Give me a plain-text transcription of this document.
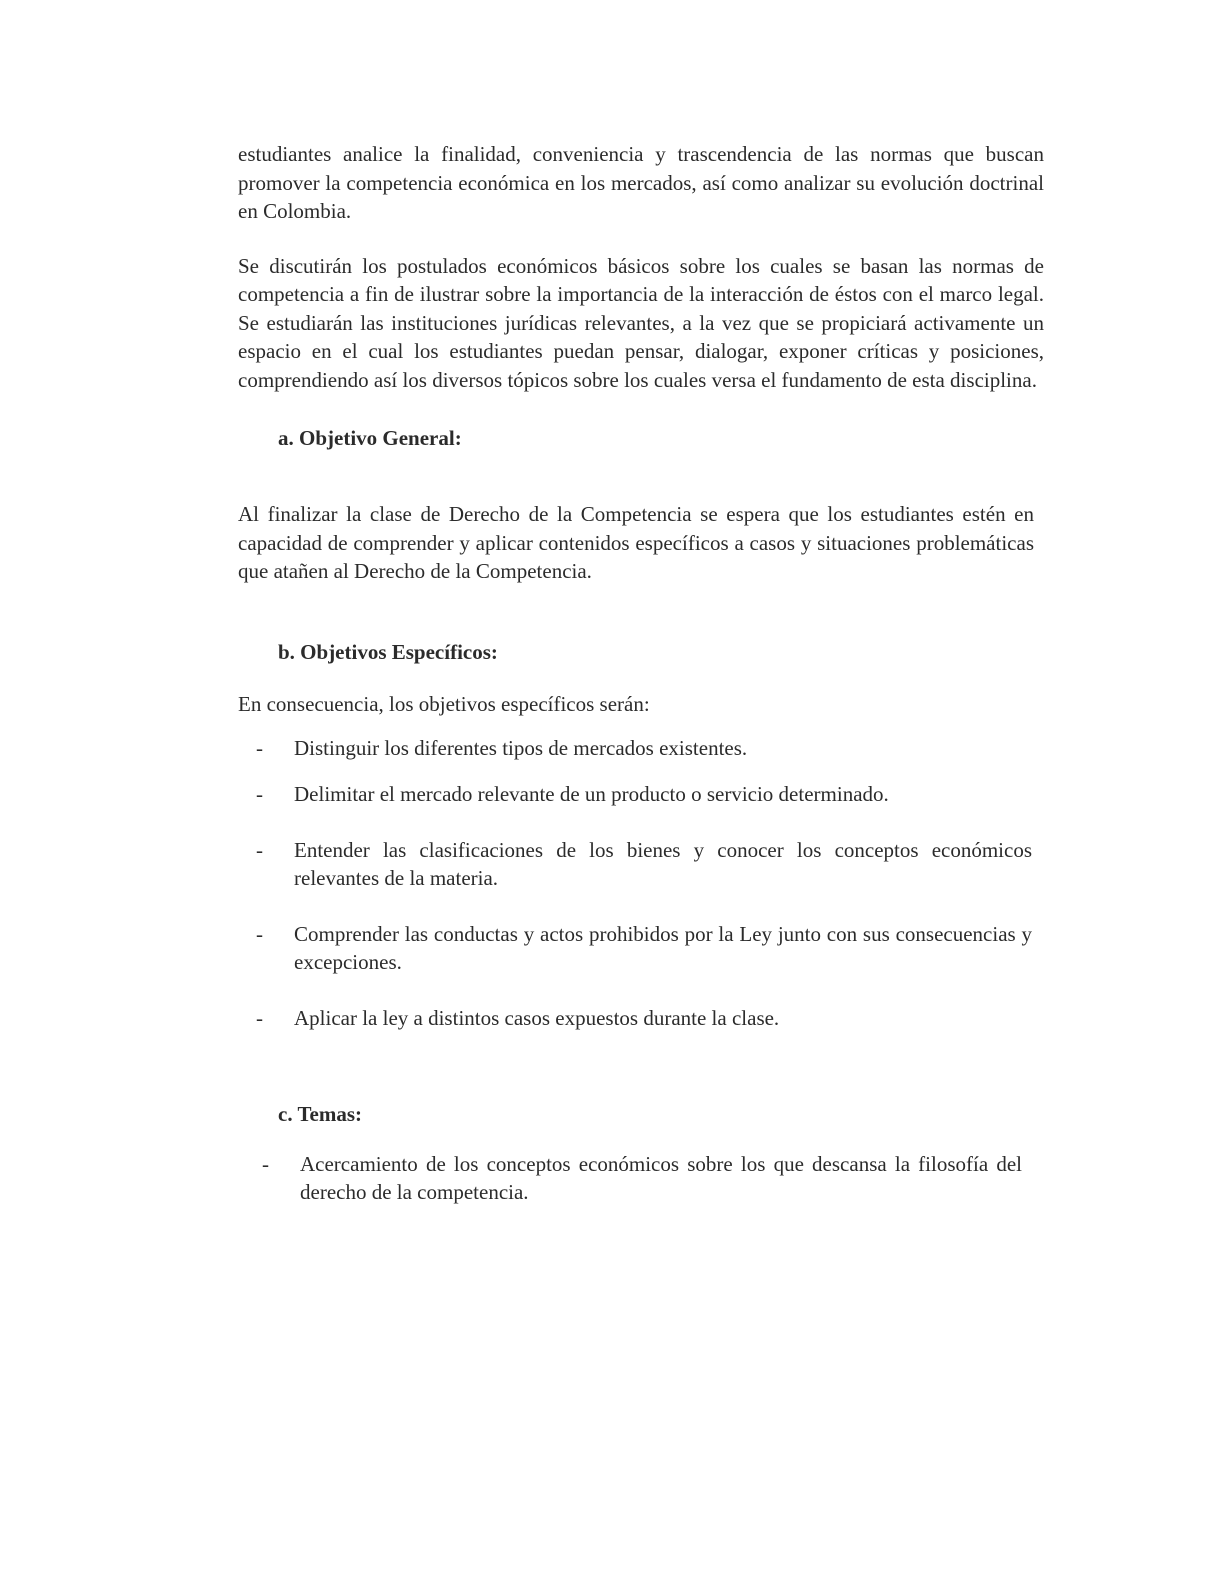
estudiantes analice la finalidad, conveniencia y trascendencia de las normas que buscan promover la competencia económica en los mercados, así como analizar su evolución doctrinal en Colombia.

Se discutirán los postulados económicos básicos sobre los cuales se basan las normas de competencia a fin de ilustrar sobre la importancia de la interacción de éstos con el marco legal. Se estudiarán las instituciones jurídicas relevantes, a la vez que se propiciará activamente un espacio en el cual los estudiantes puedan pensar, dialogar, exponer críticas y posiciones, comprendiendo así los diversos tópicos sobre los cuales versa el fundamento de esta disciplina.

a. Objetivo General:

Al finalizar la clase de Derecho de la Competencia se espera que los estudiantes estén en capacidad de comprender y aplicar contenidos específicos a casos y situaciones problemáticas que atañen al Derecho de la Competencia.

b. Objetivos Específicos:

En consecuencia, los objetivos específicos serán:

- Distinguir los diferentes tipos de mercados existentes.
- Delimitar el mercado relevante de un producto o servicio determinado.
- Entender las clasificaciones de los bienes y conocer los conceptos económicos relevantes de la materia.
- Comprender las conductas y actos prohibidos por la Ley junto con sus consecuencias y excepciones.
- Aplicar la ley a distintos casos expuestos durante la clase.

c. Temas:

- Acercamiento de los conceptos económicos sobre los que descansa la filosofía del derecho de la competencia.
